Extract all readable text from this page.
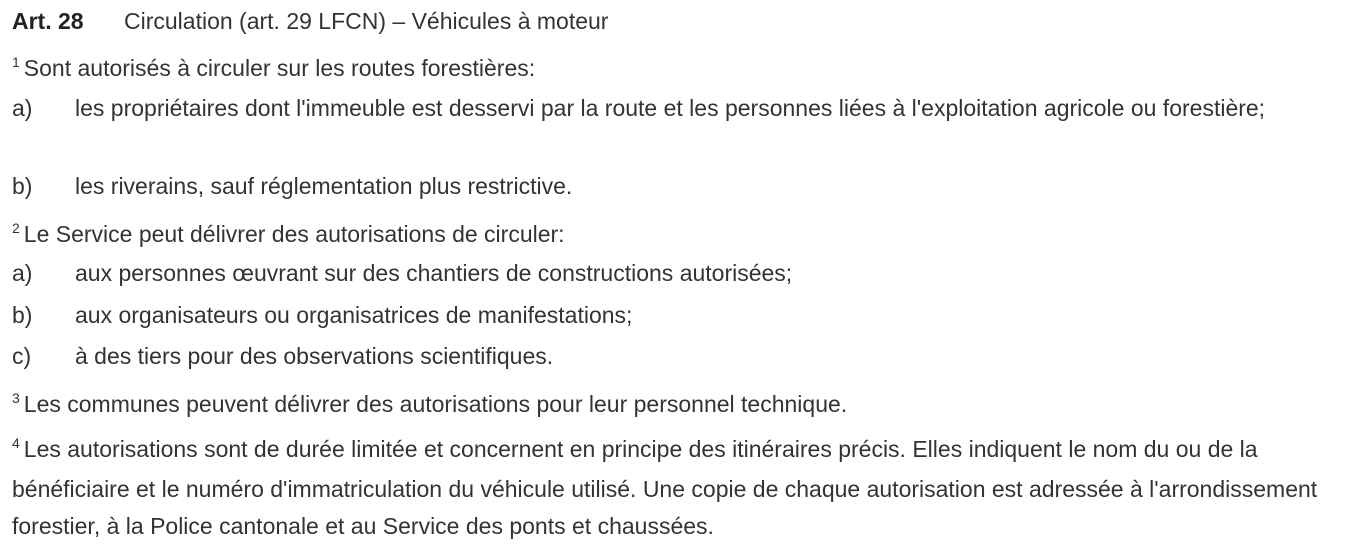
Art. 28 Circulation (art. 29 LFCN) – Véhicules à moteur
$^1$ Sont autorisés à circuler sur les routes forestières:
a) les propriétaires dont l'immeuble est desservi par la route et les personnes liées à l'exploitation agricole ou forestière;
b) les riverains, sauf réglementation plus restrictive.
$^2$ Le Service peut délivrer des autorisations de circuler:
a) aux personnes œuvrant sur des chantiers de constructions autorisées;
b) aux organisateurs ou organisatrices de manifestations;
c) à des tiers pour des observations scientifiques.
$^3$ Les communes peuvent délivrer des autorisations pour leur personnel technique.
$^4$ Les autorisations sont de durée limitée et concernent en principe des itinéraires précis. Elles indiquent le nom du ou de la bénéficiaire et le numéro d'immatriculation du véhicule utilisé. Une copie de chaque autorisation est adressée à l'arrondissement forestier, à la Police cantonale et au Service des ponts et chaussées.
